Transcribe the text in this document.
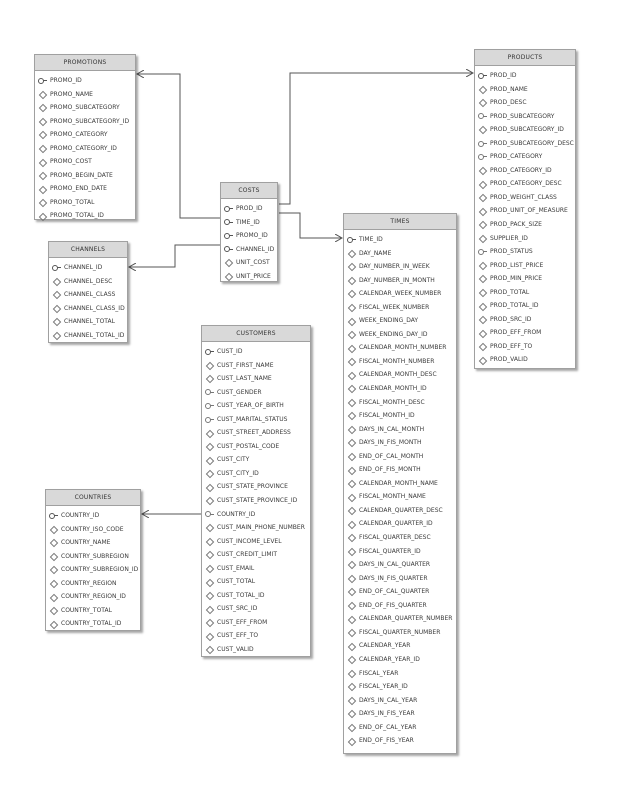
PROMOTIONS
PROMO_ID
PROMO_NAME
PROMO_SUBCATEGORY
PROMO_SUBCATEGORY_ID
PROMO_CATEGORY
PROMO_CATEGORY_ID
PROMO_COST
PROMO_BEGIN_DATE
PROMO_END_DATE
PROMO_TOTAL
PROMO_TOTAL_ID
CHANNELS
CHANNEL_ID
CHANNEL_DESC
CHANNEL_CLASS
CHANNEL_CLASS_ID
CHANNEL_TOTAL
CHANNEL_TOTAL_ID
COSTS
PROD_ID
TIME_ID
PROMO_ID
CHANNEL_ID
UNIT_COST
UNIT_PRICE
PRODUCTS
PROD_ID
PROD_NAME
PROD_DESC
PROD_SUBCATEGORY
PROD_SUBCATEGORY_ID
PROD_SUBCATEGORY_DESC
PROD_CATEGORY
PROD_CATEGORY_ID
PROD_CATEGORY_DESC
PROD_WEIGHT_CLASS
PROD_UNIT_OF_MEASURE
PROD_PACK_SIZE
SUPPLIER_ID
PROD_STATUS
PROD_LIST_PRICE
PROD_MIN_PRICE
PROD_TOTAL
PROD_TOTAL_ID
PROD_SRC_ID
PROD_EFF_FROM
PROD_EFF_TO
PROD_VALID
TIMES
TIME_ID
DAY_NAME
DAY_NUMBER_IN_WEEK
DAY_NUMBER_IN_MONTH
CALENDAR_WEEK_NUMBER
FISCAL_WEEK_NUMBER
WEEK_ENDING_DAY
WEEK_ENDING_DAY_ID
CALENDAR_MONTH_NUMBER
FISCAL_MONTH_NUMBER
CALENDAR_MONTH_DESC
CALENDAR_MONTH_ID
FISCAL_MONTH_DESC
FISCAL_MONTH_ID
DAYS_IN_CAL_MONTH
DAYS_IN_FIS_MONTH
END_OF_CAL_MONTH
END_OF_FIS_MONTH
CALENDAR_MONTH_NAME
FISCAL_MONTH_NAME
CALENDAR_QUARTER_DESC
CALENDAR_QUARTER_ID
FISCAL_QUARTER_DESC
FISCAL_QUARTER_ID
DAYS_IN_CAL_QUARTER
DAYS_IN_FIS_QUARTER
END_OF_CAL_QUARTER
END_OF_FIS_QUARTER
CALENDAR_QUARTER_NUMBER
FISCAL_QUARTER_NUMBER
CALENDAR_YEAR
CALENDAR_YEAR_ID
FISCAL_YEAR
FISCAL_YEAR_ID
DAYS_IN_CAL_YEAR
DAYS_IN_FIS_YEAR
END_OF_CAL_YEAR
END_OF_FIS_YEAR
CUSTOMERS
CUST_ID
CUST_FIRST_NAME
CUST_LAST_NAME
CUST_GENDER
CUST_YEAR_OF_BIRTH
CUST_MARITAL_STATUS
CUST_STREET_ADDRESS
CUST_POSTAL_CODE
CUST_CITY
CUST_CITY_ID
CUST_STATE_PROVINCE
CUST_STATE_PROVINCE_ID
COUNTRY_ID
CUST_MAIN_PHONE_NUMBER
CUST_INCOME_LEVEL
CUST_CREDIT_LIMIT
CUST_EMAIL
CUST_TOTAL
CUST_TOTAL_ID
CUST_SRC_ID
CUST_EFF_FROM
CUST_EFF_TO
CUST_VALID
COUNTRIES
COUNTRY_ID
COUNTRY_ISO_CODE
COUNTRY_NAME
COUNTRY_SUBREGION
COUNTRY_SUBREGION_ID
COUNTRY_REGION
COUNTRY_REGION_ID
COUNTRY_TOTAL
COUNTRY_TOTAL_ID
